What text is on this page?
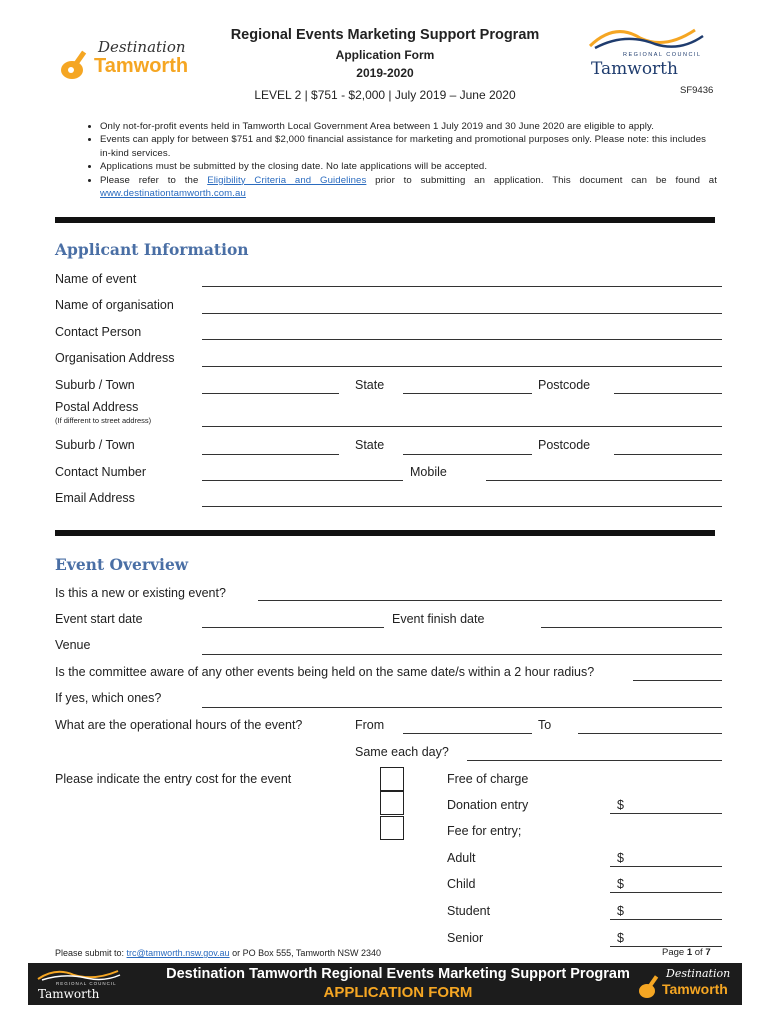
Destination
Tamworth
Regional Events Marketing Support Program
Application Form
2019-2020
LEVEL 2 | $751 - $2,000 | July 2019 – June 2020
REGIONAL COUNCIL
Tamworth
SF9436
• Only not-for-profit events held in Tamworth Local Government Area between 1 July 2019 and 30 June 2020 are eligible to apply.
• Events can apply for between $751 and $2,000 financial assistance for marketing and promotional purposes only. Please note: this includes in-kind services.
• Applications must be submitted by the closing date. No late applications will be accepted.
• Please refer to the Eligibility Criteria and Guidelines prior to submitting an application. This document can be found at www.destinationtamworth.com.au
Applicant Information
Name of event
Name of organisation
Contact Person
Organisation Address
Suburb / Town	State	Postcode
Postal Address
(If different to street address)
Suburb / Town	State	Postcode
Contact Number	Mobile
Email Address
Event Overview
Is this a new or existing event?
Event start date	Event finish date
Venue
Is the committee aware of any other events being held on the same date/s within a 2 hour radius?
If yes, which ones?
What are the operational hours of the event?	From	To
Same each day?
Please indicate the entry cost for the event	Free of charge
Donation entry	$
Fee for entry;
Adult	$
Child	$
Student	$
Senior	$
Please submit to: trc@tamworth.nsw.gov.au or PO Box 555, Tamworth NSW 2340	Page 1 of 7
REGIONAL COUNCIL
Tamworth
Destination Tamworth Regional Events Marketing Support Program
APPLICATION FORM
Destination
Tamworth
